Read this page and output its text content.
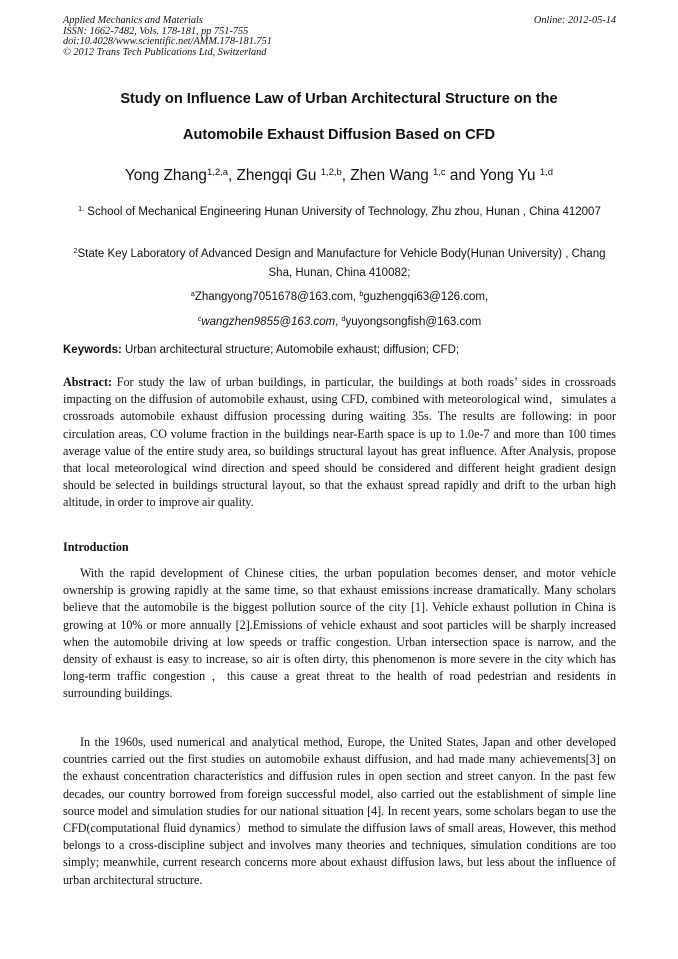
Applied Mechanics and Materials
ISSN: 1662-7482, Vols. 178-181, pp 751-755
doi:10.4028/www.scientific.net/AMM.178-181.751
© 2012 Trans Tech Publications Ltd, Switzerland
Online: 2012-05-14
Study on Influence Law of Urban Architectural Structure on the
Automobile Exhaust Diffusion Based on CFD
Yong Zhang$^{1,2,a}$, Zhengqi Gu $^{1,2,b}$, Zhen Wang $^{1,c}$ and Yong Yu $^{1,d}$
$^{1.}$ School of Mechanical Engineering Hunan University of Technology, Zhu zhou, Hunan , China 412007
$^2$State Key Laboratory of Advanced Design and Manufacture for Vehicle Body(Hunan University) , Chang Sha, Hunan, China 410082;
$^a$Zhangyong7051678@163.com, $^b$guzhengqi63@126.com,
$^c$wangzhen9855@163.com, $^d$yuyongsongfish@163.com
Keywords: Urban architectural structure; Automobile exhaust; diffusion; CFD;
Abstract: For study the law of urban buildings, in particular, the buildings at both roads’ sides in crossroads impacting on the diffusion of automobile exhaust, using CFD, combined with meteorological wind，simulates a crossroads automobile exhaust diffusion processing during waiting 35s. The results are following: in poor circulation areas, CO volume fraction in the buildings near-Earth space is up to 1.0e-7 and more than 100 times average value of the entire study area, so buildings structural layout has great influence. After Analysis, propose that local meteorological wind direction and speed should be considered and different height gradient design should be selected in buildings structural layout, so that the exhaust spread rapidly and drift to the urban high altitude, in order to improve air quality.
Introduction
With the rapid development of Chinese cities, the urban population becomes denser, and motor vehicle ownership is growing rapidly at the same time, so that exhaust emissions increase dramatically. Many scholars believe that the automobile is the biggest pollution source of the city [1]. Vehicle exhaust pollution in China is growing at 10% or more annually [2].Emissions of vehicle exhaust and soot particles will be sharply increased when the automobile driving at low speeds or traffic congestion. Urban intersection space is narrow, and the density of exhaust is easy to increase, so air is often dirty, this phenomenon is more severe in the city which has long-term traffic congestion ，this cause a great threat to the health of road pedestrian and residents in surrounding buildings.
In the 1960s, used numerical and analytical method, Europe, the United States, Japan and other developed countries carried out the first studies on automobile exhaust diffusion, and had made many achievements[3] on the exhaust concentration characteristics and diffusion rules in open section and street canyon. In the past few decades, our country borrowed from foreign successful model, also carried out the establishment of simple line source model and simulation studies for our national situation [4]. In recent years, some scholars began to use the CFD(computational fluid dynamics）method to simulate the diffusion laws of small areas, However, this method belongs to a cross-discipline subject and involves many theories and techniques, simulation conditions are too simply; meanwhile, current research concerns more about exhaust diffusion laws, but less about the influence of urban architectural structure.
